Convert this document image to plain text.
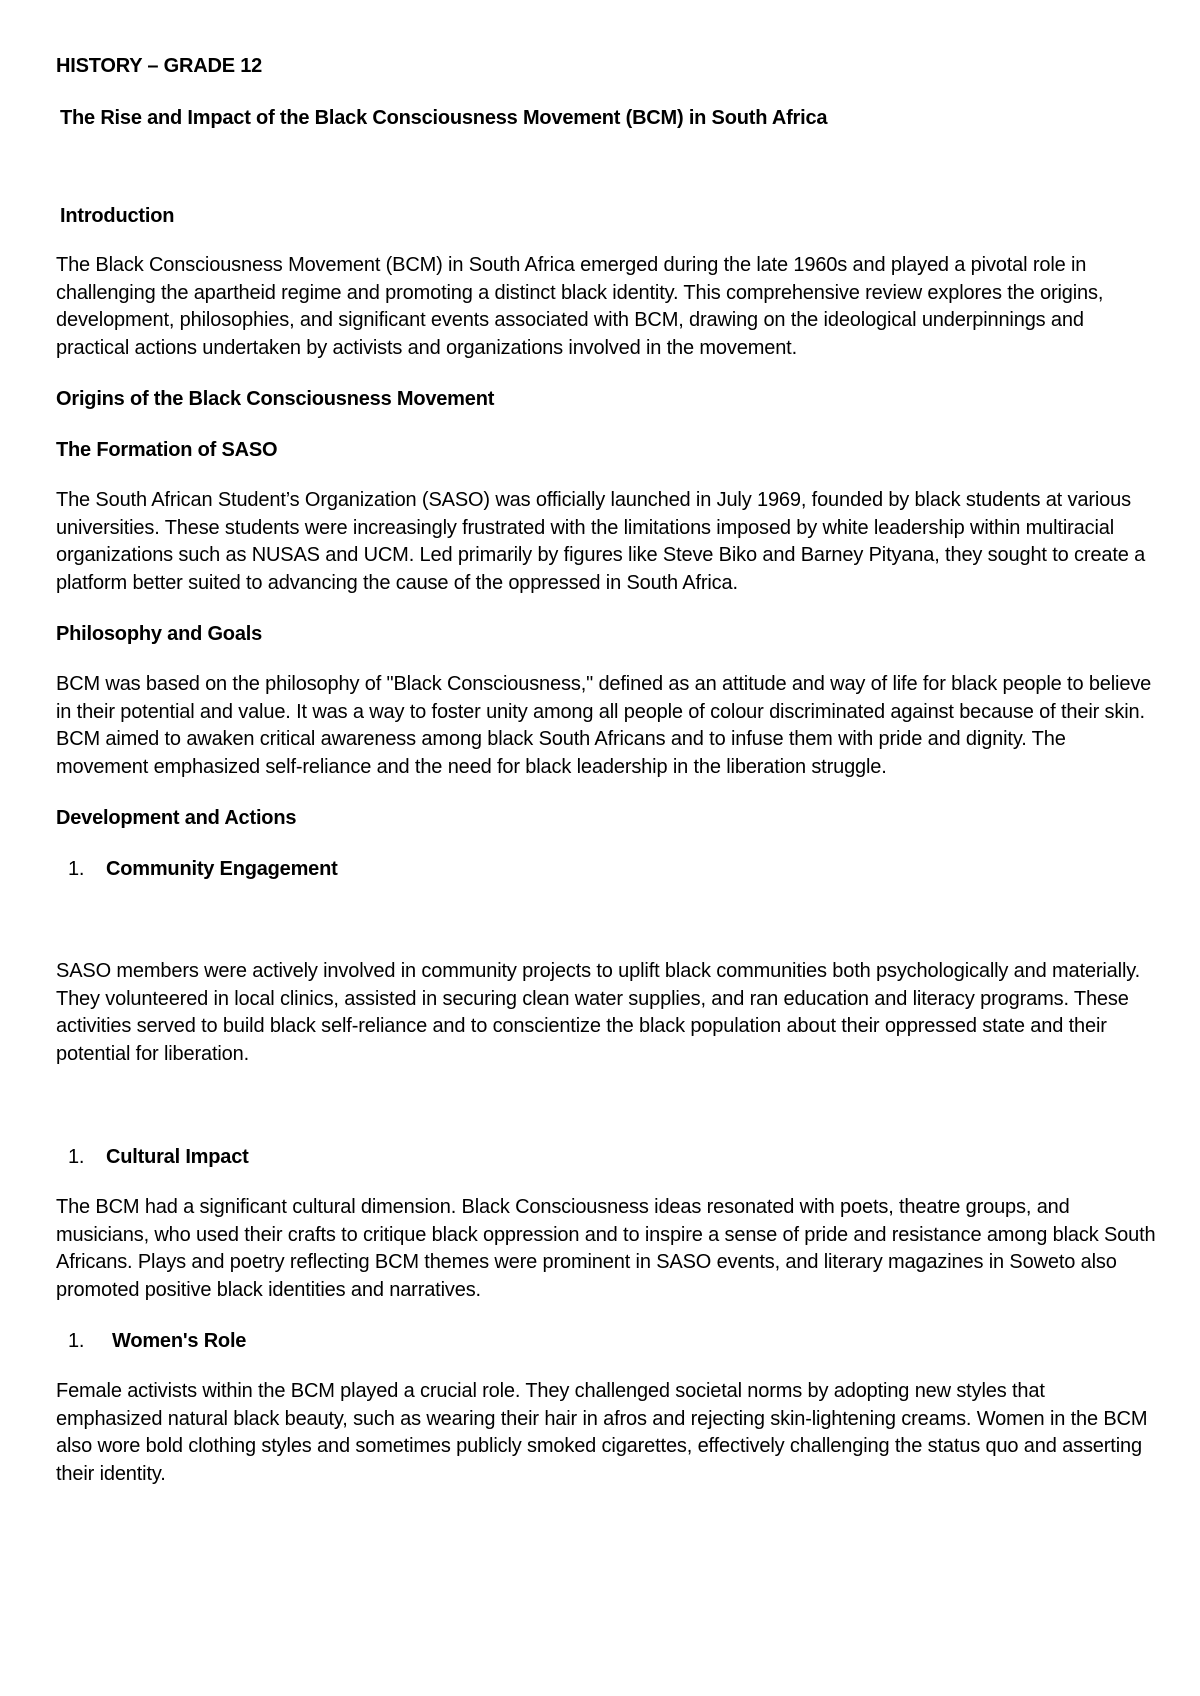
HISTORY – GRADE 12

The Rise and Impact of the Black Consciousness Movement (BCM) in South Africa

Introduction

The Black Consciousness Movement (BCM) in South Africa emerged during the late 1960s and played a pivotal role in challenging the apartheid regime and promoting a distinct black identity. This comprehensive review explores the origins, development, philosophies, and significant events associated with BCM, drawing on the ideological underpinnings and practical actions undertaken by activists and organizations involved in the movement.

Origins of the Black Consciousness Movement

The Formation of SASO

The South African Student’s Organization (SASO) was officially launched in July 1969, founded by black students at various universities. These students were increasingly frustrated with the limitations imposed by white leadership within multiracial organizations such as NUSAS and UCM. Led primarily by figures like Steve Biko and Barney Pityana, they sought to create a platform better suited to advancing the cause of the oppressed in South Africa.

Philosophy and Goals

BCM was based on the philosophy of "Black Consciousness," defined as an attitude and way of life for black people to believe in their potential and value. It was a way to foster unity among all people of colour discriminated against because of their skin. BCM aimed to awaken critical awareness among black South Africans and to infuse them with pride and dignity. The movement emphasized self-reliance and the need for black leadership in the liberation struggle.

Development and Actions

1.	Community Engagement

SASO members were actively involved in community projects to uplift black communities both psychologically and materially. They volunteered in local clinics, assisted in securing clean water supplies, and ran education and literacy programs. These activities served to build black self-reliance and to conscientize the black population about their oppressed state and their potential for liberation.

1.	Cultural Impact

The BCM had a significant cultural dimension. Black Consciousness ideas resonated with poets, theatre groups, and musicians, who used their crafts to critique black oppression and to inspire a sense of pride and resistance among black South Africans. Plays and poetry reflecting BCM themes were prominent in SASO events, and literary magazines in Soweto also promoted positive black identities and narratives.

1.	Women's Role

Female activists within the BCM played a crucial role. They challenged societal norms by adopting new styles that emphasized natural black beauty, such as wearing their hair in afros and rejecting skin-lightening creams. Women in the BCM also wore bold clothing styles and sometimes publicly smoked cigarettes, effectively challenging the status quo and asserting their identity.
